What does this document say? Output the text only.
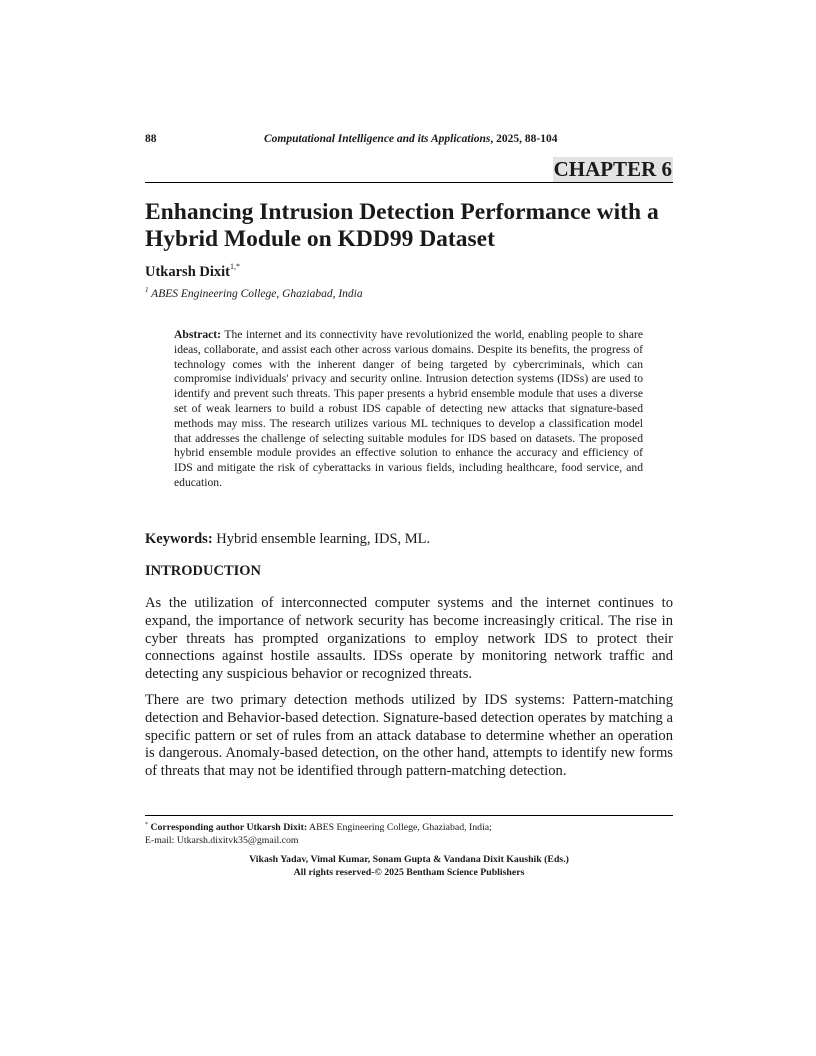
88	Computational Intelligence and its Applications, 2025, 88-104
CHAPTER 6
Enhancing Intrusion Detection Performance with a Hybrid Module on KDD99 Dataset
Utkarsh Dixit$^{1,*}$
$^1$ ABES Engineering College, Ghaziabad, India

Abstract: The internet and its connectivity have revolutionized the world, enabling people to share ideas, collaborate, and assist each other across various domains. Despite its benefits, the progress of technology comes with the inherent danger of being targeted by cybercriminals, which can compromise individuals' privacy and security online. Intrusion detection systems (IDSs) are used to identify and prevent such threats. This paper presents a hybrid ensemble module that uses a diverse set of weak learners to build a robust IDS capable of detecting new attacks that signature-based methods may miss. The research utilizes various ML techniques to develop a classification model that addresses the challenge of selecting suitable modules for IDS based on datasets. The proposed hybrid ensemble module provides an effective solution to enhance the accuracy and efficiency of IDS and mitigate the risk of cyberattacks in various fields, including healthcare, food service, and education.

Keywords: Hybrid ensemble learning, IDS, ML.
INTRODUCTION

As the utilization of interconnected computer systems and the internet continues to expand, the importance of network security has become increasingly critical. The rise in cyber threats has prompted organizations to employ network IDS to protect their connections against hostile assaults. IDSs operate by monitoring network traffic and detecting any suspicious behavior or recognized threats.

There are two primary detection methods utilized by IDS systems: Pattern-matching detection and Behavior-based detection. Signature-based detection operates by matching a specific pattern or set of rules from an attack database to determine whether an operation is dangerous. Anomaly-based detection, on the other hand, attempts to identify new forms of threats that may not be identified through pattern-matching detection.

* Corresponding author Utkarsh Dixit: ABES Engineering College, Ghaziabad, India;
E-mail: Utkarsh.dixitvk35@gmail.com
Vikash Yadav, Vimal Kumar, Sonam Gupta & Vandana Dixit Kaushik (Eds.)
All rights reserved-© 2025 Bentham Science Publishers
